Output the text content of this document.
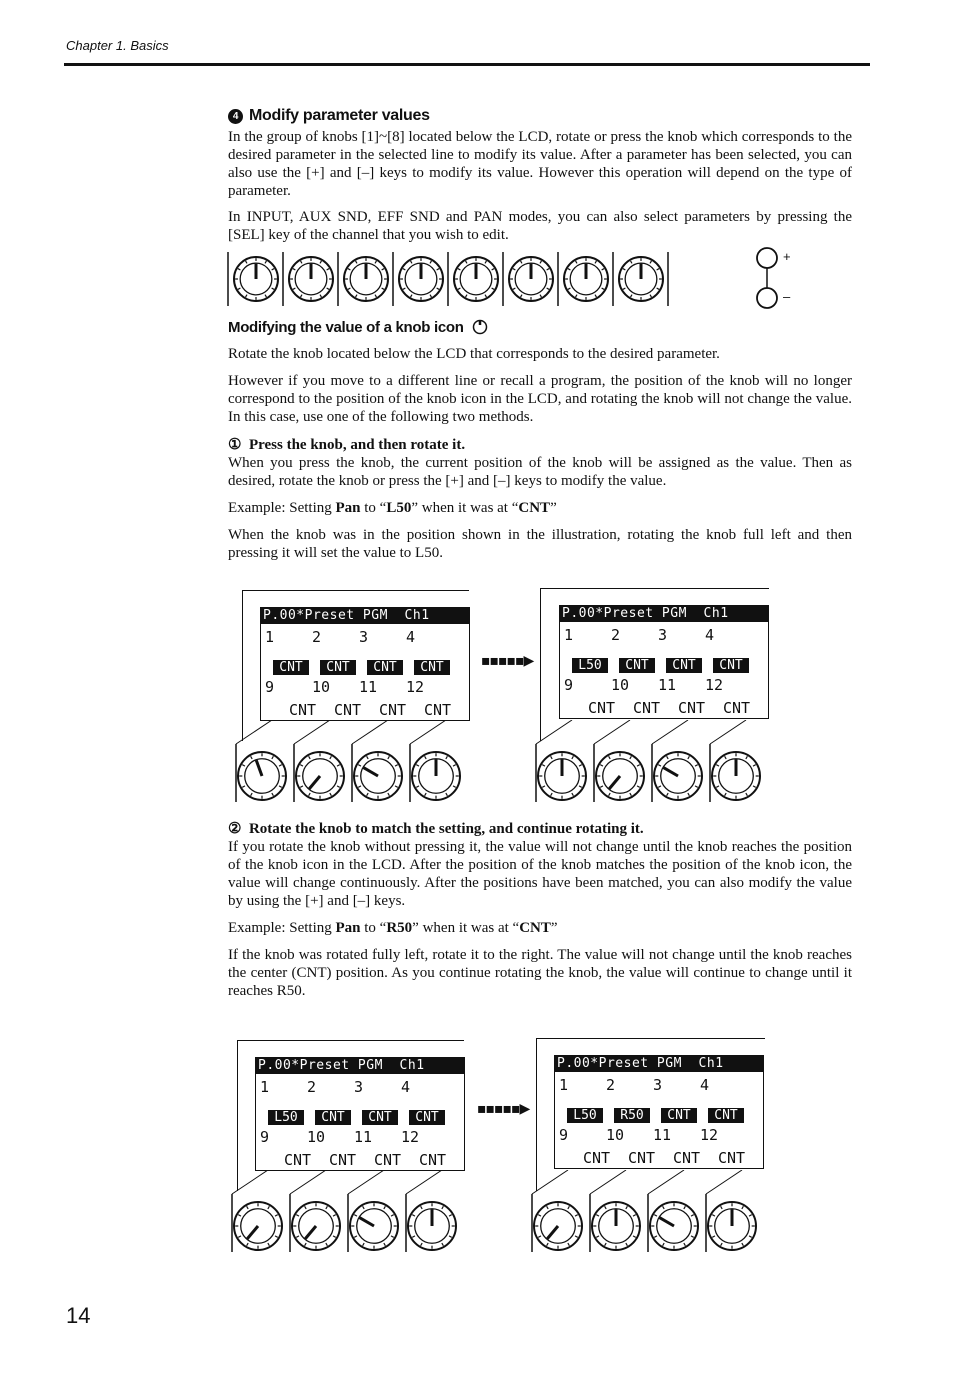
Chapter 1. Basics
4 Modify parameter values

In the group of knobs [1]~[8] located below the LCD, rotate or press the knob which corresponds to the desired parameter in the selected line to modify its value. After a parameter has been selected, you can also use the [+] and [–] keys to modify its value. However this operation will depend on the type of parameter.

In INPUT, AUX SND, EFF SND and PAN modes, you can also select parameters by pressing the [SEL] key of the channel that you wish to edit.

+
–
Modifying the value of a knob icon

Rotate the knob located below the LCD that corresponds to the desired parameter.

However if you move to a different line or recall a program, the position of the knob will no longer correspond to the position of the knob icon in the LCD, and rotating the knob will not change the value. In this case, use one of the following two methods.

① Press the knob, and then rotate it.

When you press the knob, the current position of the knob will be assigned as the value. Then as desired, rotate the knob or press the [+] and [–] keys to modify the value.

Example: Setting Pan to “L50” when it was at “CNT”

When the knob was in the position shown in the illustration, rotating the knob full left and then pressing it will set the value to L50.

P.00*Preset PGM  Ch1
1	2	3	4
CNT	CNT	CNT	CNT
9	10	11	12
CNT	CNT	CNT	CNT
▪▪▪▪▪▶
P.00*Preset PGM  Ch1
1	2	3	4
L50	CNT	CNT	CNT
9	10	11	12
CNT	CNT	CNT	CNT

② Rotate the knob to match the setting, and continue rotating it.

If you rotate the knob without pressing it, the value will not change until the knob reaches the position of the knob icon in the LCD. After the position of the knob matches the position of the knob icon, the value will change continuously. After the positions have been matched, you can also modify the value by using the [+] and [–] keys.

Example: Setting Pan to “R50” when it was at “CNT”

If the knob was rotated fully left, rotate it to the right. The value will not change until the knob reaches the center (CNT) position. As you continue rotating the knob, the value will continue to change until it reaches R50.

P.00*Preset PGM  Ch1
1	2	3	4
L50	CNT	CNT	CNT
9	10	11	12
CNT	CNT	CNT	CNT
▪▪▪▪▪▶
P.00*Preset PGM  Ch1
1	2	3	4
L50	R50	CNT	CNT
9	10	11	12
CNT	CNT	CNT	CNT
14
